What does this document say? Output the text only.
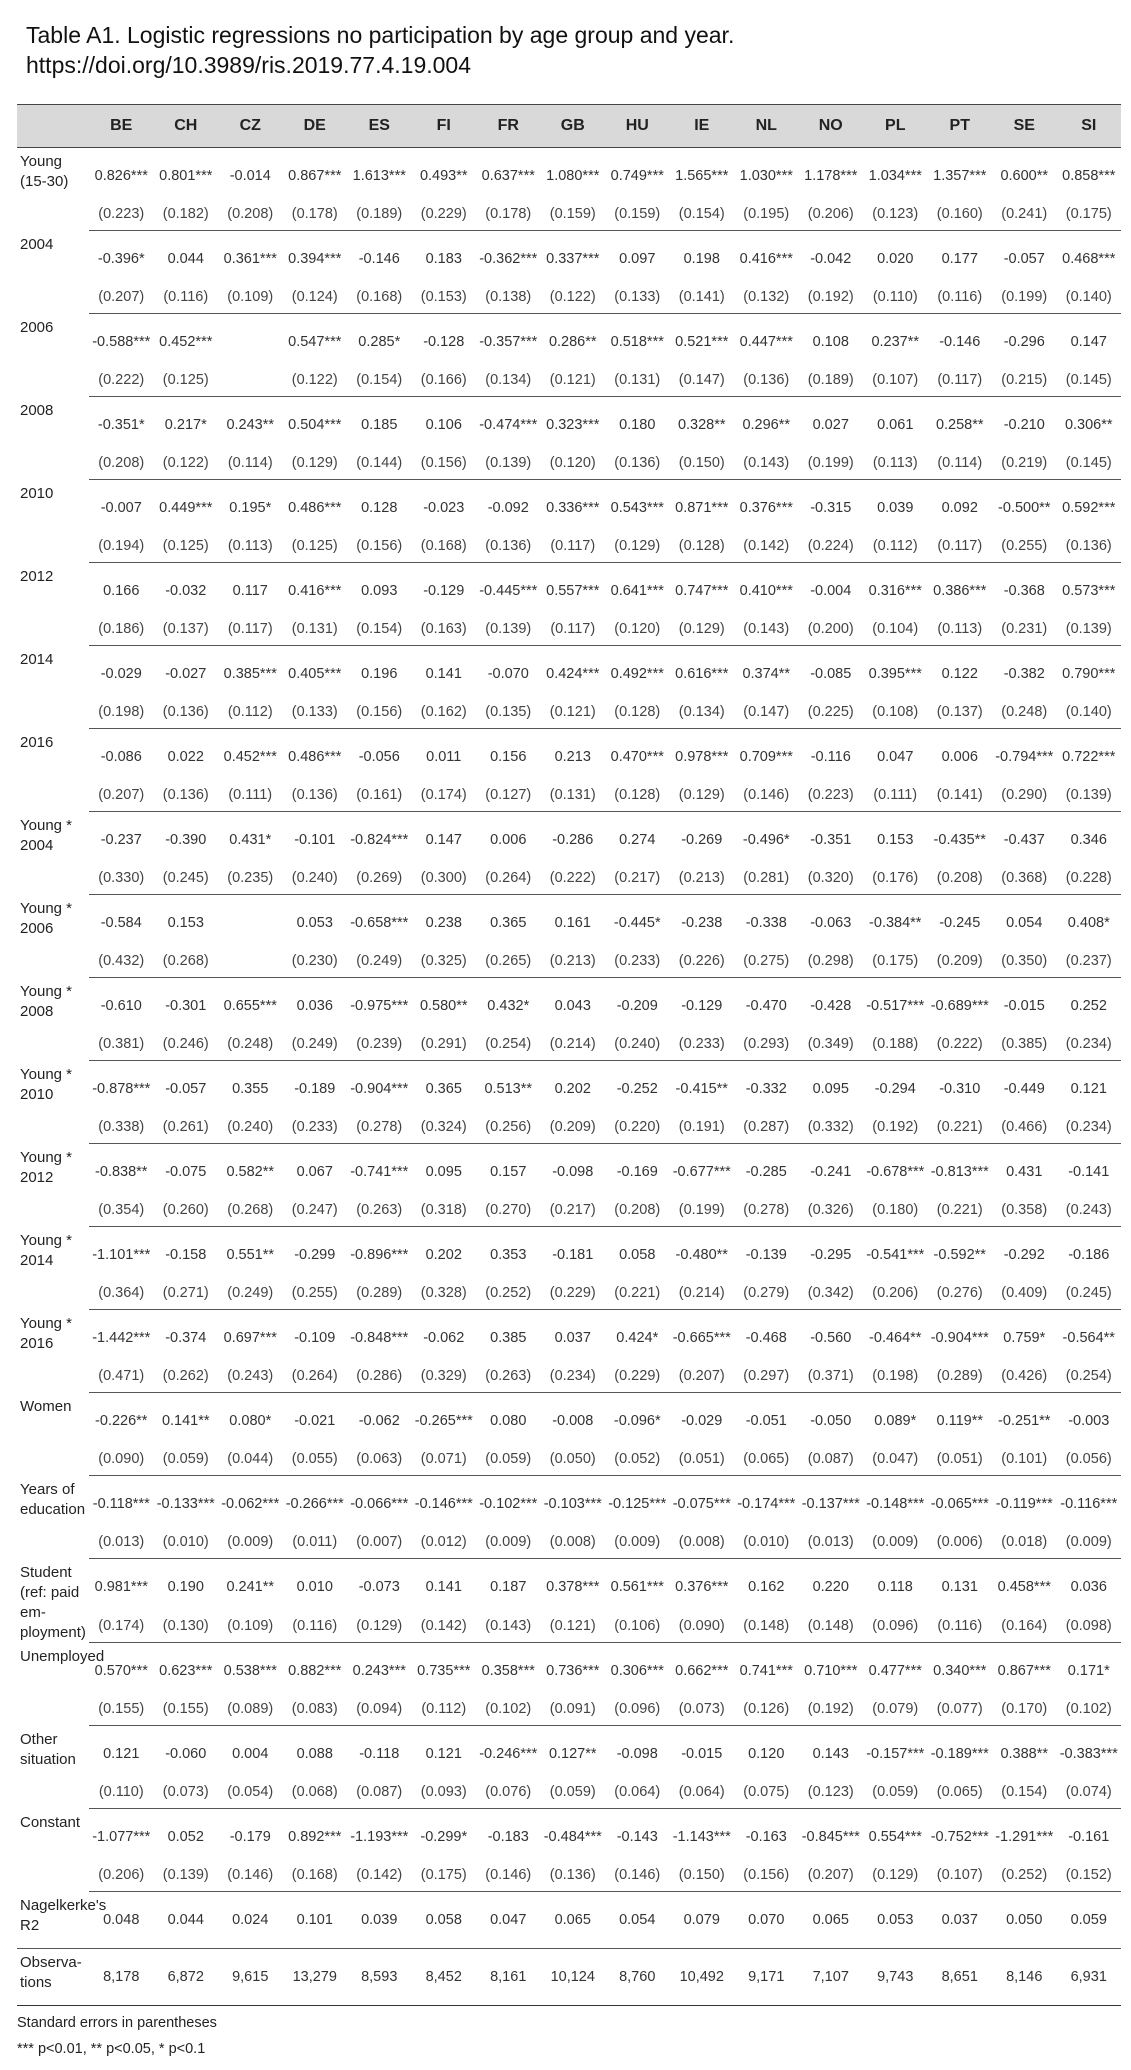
Table A1. Logistic regressions no participation by age group and year.
https://doi.org/10.3989/ris.2019.77.4.19.004
	BE	CH	CZ	DE	ES	FI	FR	GB	HU	IE	NL	NO	PL	PT	SE	SI
Young (15-30)	0.826***	0.801***	-0.014	0.867***	1.613***	0.493**	0.637***	1.080***	0.749***	1.565***	1.030***	1.178***	1.034***	1.357***	0.600**	0.858***
	(0.223)	(0.182)	(0.208)	(0.178)	(0.189)	(0.229)	(0.178)	(0.159)	(0.159)	(0.154)	(0.195)	(0.206)	(0.123)	(0.160)	(0.241)	(0.175)
2004	-0.396*	0.044	0.361***	0.394***	-0.146	0.183	-0.362***	0.337***	0.097	0.198	0.416***	-0.042	0.020	0.177	-0.057	0.468***
	(0.207)	(0.116)	(0.109)	(0.124)	(0.168)	(0.153)	(0.138)	(0.122)	(0.133)	(0.141)	(0.132)	(0.192)	(0.110)	(0.116)	(0.199)	(0.140)
2006	-0.588***	0.452***		0.547***	0.285*	-0.128	-0.357***	0.286**	0.518***	0.521***	0.447***	0.108	0.237**	-0.146	-0.296	0.147
	(0.222)	(0.125)		(0.122)	(0.154)	(0.166)	(0.134)	(0.121)	(0.131)	(0.147)	(0.136)	(0.189)	(0.107)	(0.117)	(0.215)	(0.145)
2008	-0.351*	0.217*	0.243**	0.504***	0.185	0.106	-0.474***	0.323***	0.180	0.328**	0.296**	0.027	0.061	0.258**	-0.210	0.306**
	(0.208)	(0.122)	(0.114)	(0.129)	(0.144)	(0.156)	(0.139)	(0.120)	(0.136)	(0.150)	(0.143)	(0.199)	(0.113)	(0.114)	(0.219)	(0.145)
2010	-0.007	0.449***	0.195*	0.486***	0.128	-0.023	-0.092	0.336***	0.543***	0.871***	0.376***	-0.315	0.039	0.092	-0.500**	0.592***
	(0.194)	(0.125)	(0.113)	(0.125)	(0.156)	(0.168)	(0.136)	(0.117)	(0.129)	(0.128)	(0.142)	(0.224)	(0.112)	(0.117)	(0.255)	(0.136)
2012	0.166	-0.032	0.117	0.416***	0.093	-0.129	-0.445***	0.557***	0.641***	0.747***	0.410***	-0.004	0.316***	0.386***	-0.368	0.573***
	(0.186)	(0.137)	(0.117)	(0.131)	(0.154)	(0.163)	(0.139)	(0.117)	(0.120)	(0.129)	(0.143)	(0.200)	(0.104)	(0.113)	(0.231)	(0.139)
2014	-0.029	-0.027	0.385***	0.405***	0.196	0.141	-0.070	0.424***	0.492***	0.616***	0.374**	-0.085	0.395***	0.122	-0.382	0.790***
	(0.198)	(0.136)	(0.112)	(0.133)	(0.156)	(0.162)	(0.135)	(0.121)	(0.128)	(0.134)	(0.147)	(0.225)	(0.108)	(0.137)	(0.248)	(0.140)
2016	-0.086	0.022	0.452***	0.486***	-0.056	0.011	0.156	0.213	0.470***	0.978***	0.709***	-0.116	0.047	0.006	-0.794***	0.722***
	(0.207)	(0.136)	(0.111)	(0.136)	(0.161)	(0.174)	(0.127)	(0.131)	(0.128)	(0.129)	(0.146)	(0.223)	(0.111)	(0.141)	(0.290)	(0.139)
Young * 2004	-0.237	-0.390	0.431*	-0.101	-0.824***	0.147	0.006	-0.286	0.274	-0.269	-0.496*	-0.351	0.153	-0.435**	-0.437	0.346
	(0.330)	(0.245)	(0.235)	(0.240)	(0.269)	(0.300)	(0.264)	(0.222)	(0.217)	(0.213)	(0.281)	(0.320)	(0.176)	(0.208)	(0.368)	(0.228)
Young * 2006	-0.584	0.153		0.053	-0.658***	0.238	0.365	0.161	-0.445*	-0.238	-0.338	-0.063	-0.384**	-0.245	0.054	0.408*
	(0.432)	(0.268)		(0.230)	(0.249)	(0.325)	(0.265)	(0.213)	(0.233)	(0.226)	(0.275)	(0.298)	(0.175)	(0.209)	(0.350)	(0.237)
Young * 2008	-0.610	-0.301	0.655***	0.036	-0.975***	0.580**	0.432*	0.043	-0.209	-0.129	-0.470	-0.428	-0.517***	-0.689***	-0.015	0.252
	(0.381)	(0.246)	(0.248)	(0.249)	(0.239)	(0.291)	(0.254)	(0.214)	(0.240)	(0.233)	(0.293)	(0.349)	(0.188)	(0.222)	(0.385)	(0.234)
Young * 2010	-0.878***	-0.057	0.355	-0.189	-0.904***	0.365	0.513**	0.202	-0.252	-0.415**	-0.332	0.095	-0.294	-0.310	-0.449	0.121
	(0.338)	(0.261)	(0.240)	(0.233)	(0.278)	(0.324)	(0.256)	(0.209)	(0.220)	(0.191)	(0.287)	(0.332)	(0.192)	(0.221)	(0.466)	(0.234)
Young * 2012	-0.838**	-0.075	0.582**	0.067	-0.741***	0.095	0.157	-0.098	-0.169	-0.677***	-0.285	-0.241	-0.678***	-0.813***	0.431	-0.141
	(0.354)	(0.260)	(0.268)	(0.247)	(0.263)	(0.318)	(0.270)	(0.217)	(0.208)	(0.199)	(0.278)	(0.326)	(0.180)	(0.221)	(0.358)	(0.243)
Young * 2014	-1.101***	-0.158	0.551**	-0.299	-0.896***	0.202	0.353	-0.181	0.058	-0.480**	-0.139	-0.295	-0.541***	-0.592**	-0.292	-0.186
	(0.364)	(0.271)	(0.249)	(0.255)	(0.289)	(0.328)	(0.252)	(0.229)	(0.221)	(0.214)	(0.279)	(0.342)	(0.206)	(0.276)	(0.409)	(0.245)
Young * 2016	-1.442***	-0.374	0.697***	-0.109	-0.848***	-0.062	0.385	0.037	0.424*	-0.665***	-0.468	-0.560	-0.464**	-0.904***	0.759*	-0.564**
	(0.471)	(0.262)	(0.243)	(0.264)	(0.286)	(0.329)	(0.263)	(0.234)	(0.229)	(0.207)	(0.297)	(0.371)	(0.198)	(0.289)	(0.426)	(0.254)
Women	-0.226**	0.141**	0.080*	-0.021	-0.062	-0.265***	0.080	-0.008	-0.096*	-0.029	-0.051	-0.050	0.089*	0.119**	-0.251**	-0.003
	(0.090)	(0.059)	(0.044)	(0.055)	(0.063)	(0.071)	(0.059)	(0.050)	(0.052)	(0.051)	(0.065)	(0.087)	(0.047)	(0.051)	(0.101)	(0.056)
Years of education	-0.118***	-0.133***	-0.062***	-0.266***	-0.066***	-0.146***	-0.102***	-0.103***	-0.125***	-0.075***	-0.174***	-0.137***	-0.148***	-0.065***	-0.119***	-0.116***
	(0.013)	(0.010)	(0.009)	(0.011)	(0.007)	(0.012)	(0.009)	(0.008)	(0.009)	(0.008)	(0.010)	(0.013)	(0.009)	(0.006)	(0.018)	(0.009)
Student (ref: paid em-ployment)	0.981***	0.190	0.241**	0.010	-0.073	0.141	0.187	0.378***	0.561***	0.376***	0.162	0.220	0.118	0.131	0.458***	0.036
	(0.174)	(0.130)	(0.109)	(0.116)	(0.129)	(0.142)	(0.143)	(0.121)	(0.106)	(0.090)	(0.148)	(0.148)	(0.096)	(0.116)	(0.164)	(0.098)
Unemployed	0.570***	0.623***	0.538***	0.882***	0.243***	0.735***	0.358***	0.736***	0.306***	0.662***	0.741***	0.710***	0.477***	0.340***	0.867***	0.171*
	(0.155)	(0.155)	(0.089)	(0.083)	(0.094)	(0.112)	(0.102)	(0.091)	(0.096)	(0.073)	(0.126)	(0.192)	(0.079)	(0.077)	(0.170)	(0.102)
Other situation	0.121	-0.060	0.004	0.088	-0.118	0.121	-0.246***	0.127**	-0.098	-0.015	0.120	0.143	-0.157***	-0.189***	0.388**	-0.383***
	(0.110)	(0.073)	(0.054)	(0.068)	(0.087)	(0.093)	(0.076)	(0.059)	(0.064)	(0.064)	(0.075)	(0.123)	(0.059)	(0.065)	(0.154)	(0.074)
Constant	-1.077***	0.052	-0.179	0.892***	-1.193***	-0.299*	-0.183	-0.484***	-0.143	-1.143***	-0.163	-0.845***	0.554***	-0.752***	-1.291***	-0.161
	(0.206)	(0.139)	(0.146)	(0.168)	(0.142)	(0.175)	(0.146)	(0.136)	(0.146)	(0.150)	(0.156)	(0.207)	(0.129)	(0.107)	(0.252)	(0.152)
Nagelkerke's R2	0.048	0.044	0.024	0.101	0.039	0.058	0.047	0.065	0.054	0.079	0.070	0.065	0.053	0.037	0.050	0.059
Observa-tions	8,178	6,872	9,615	13,279	8,593	8,452	8,161	10,124	8,760	10,492	9,171	7,107	9,743	8,651	8,146	6,931
Standard errors in parentheses
*** p<0.01, ** p<0.05, * p<0.1
